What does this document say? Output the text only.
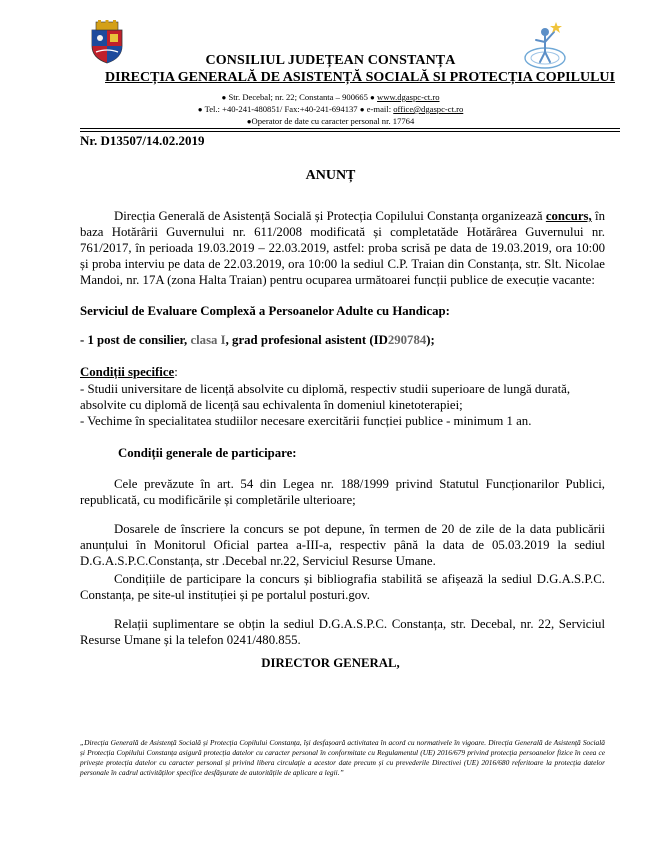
CONSILIUL JUDEȚEAN CONSTANȚA
DIRECȚIA GENERALĂ DE ASISTENȚĂ SOCIALĂ SI PROTECȚIA COPILULUI
● Str. Decebal; nr. 22; Constanta – 900665 ● www.dgaspc-ct.ro
● Tel.: +40-241-480851/ Fax:+40-241-694137 ● e-mail: office@dgaspc-ct.ro
●Operator de date cu caracter personal nr. 17764
Nr. D13507/14.02.2019
ANUNȚ
Direcția Generală de Asistență Socială și Protecția Copilului Constanța organizează concurs, în baza Hotărârii Guvernului nr. 611/2008 modificată și completatăde Hotărârea Guvernului nr. 761/2017, în perioada 19.03.2019 – 22.03.2019, astfel: proba scrisă pe data de 19.03.2019, ora 10:00 și proba interviu pe data de 22.03.2019, ora 10:00 la sediul C.P. Traian din Constanța, str. Slt. Nicolae Mandoi, nr. 17A (zona Halta Traian) pentru ocuparea următoarei funcții publice de execuție vacante:
Serviciul de Evaluare Complexă a Persoanelor Adulte cu Handicap:
- 1 post de consilier, clasa I, grad profesional asistent (ID290784);
Condiții specifice:
- Studii universitare de licență absolvite cu diplomă, respectiv studii superioare de lungă durată, absolvite cu diplomă de licență sau echivalenta în domeniul kinetoterapiei;
- Vechime în specialitatea studiilor necesare exercitării funcției publice - minimum 1 an.
Condiții generale de participare:
Cele prevăzute în art. 54 din Legea nr. 188/1999 privind Statutul Funcționarilor Publici, republicată, cu modificările și completările ulterioare;
Dosarele de înscriere la concurs se pot depune, în termen de 20 de zile de la data publicării anunțului în Monitorul Oficial partea a-III-a, respectiv până la data de 05.03.2019 la sediul D.G.A.S.P.C.Constanța, str .Decebal nr.22, Serviciul Resurse Umane.
Condițiile de participare la concurs și bibliografia stabilită se afișează la sediul D.G.A.S.P.C. Constanța, pe site-ul instituției și pe portalul posturi.gov.
Relații suplimentare se obțin la sediul D.G.A.S.P.C. Constanța, str. Decebal, nr. 22, Serviciul Resurse Umane și la telefon 0241/480.855.
DIRECTOR GENERAL,
„Direcția Generală de Asistență Socială și Protecția Copilului Constanța, își desfașoară activitatea în acord cu normativele în vigoare. Direcția Generală de Asistență Socială și Protecția Copilului Constanța asigură protecția datelor cu caracter personal în conformitate cu Regulamentul (UE) 2016/679 privind protecția persoanelor fizice în ceea ce privește protecția datelor cu caracter personal și privind libera circulație a acestor date precum și cu prevederile Directivei (UE) 2016/680 referitoare la protecția datelor personale în cadrul activităților specifice desfășurate de autoritățile de aplicare a legii.”
